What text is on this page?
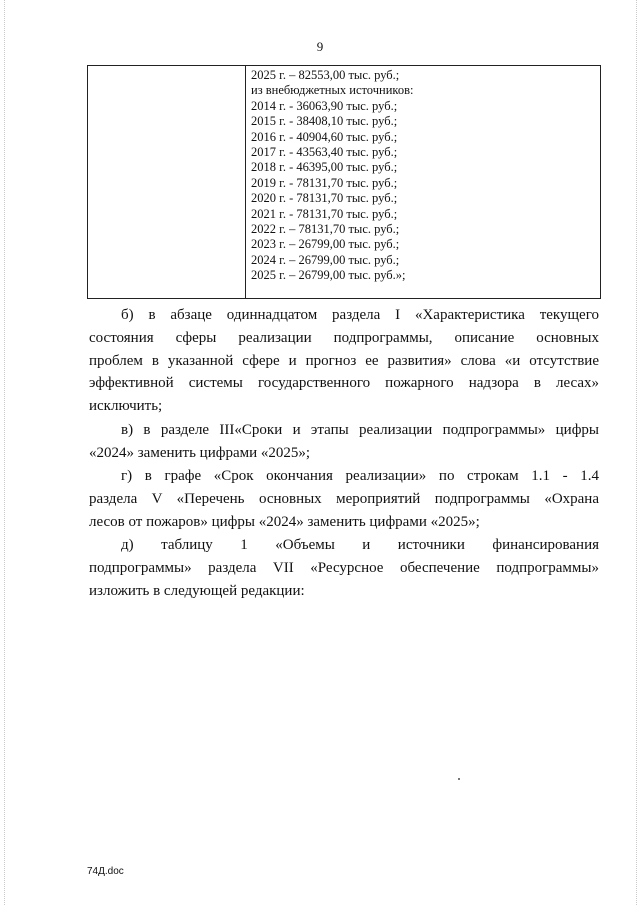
9
2025 г. – 82553,00 тыс. руб.;
из внебюджетных источников:
2014 г. - 36063,90 тыс. руб.;
2015 г. - 38408,10 тыс. руб.;
2016 г. - 40904,60 тыс. руб.;
2017 г. - 43563,40 тыс. руб.;
2018 г. - 46395,00 тыс. руб.;
2019 г. - 78131,70 тыс. руб.;
2020 г. - 78131,70 тыс. руб.;
2021 г. - 78131,70 тыс. руб.;
2022 г. – 78131,70 тыс. руб.;
2023 г. – 26799,00 тыс. руб.;
2024 г. – 26799,00 тыс. руб.;
2025 г. – 26799,00 тыс. руб.»;
б) в абзаце одиннадцатом раздела I «Характеристика текущего
состояния сферы реализации подпрограммы, описание основных
проблем в указанной сфере и прогноз ее развития» слова «и отсутствие
эффективной системы государственного пожарного надзора в лесах»
исключить;
в) в разделе III«Сроки и этапы реализации подпрограммы» цифры
«2024» заменить цифрами «2025»;
г) в графе «Срок окончания реализации» по строкам 1.1 - 1.4
раздела V «Перечень основных мероприятий подпрограммы «Охрана
лесов от пожаров» цифры «2024» заменить цифрами «2025»;
д) таблицу 1 «Объемы и источники финансирования
подпрограммы» раздела VII «Ресурсное обеспечение подпрограммы»
изложить в следующей редакции:
74Д.doc
